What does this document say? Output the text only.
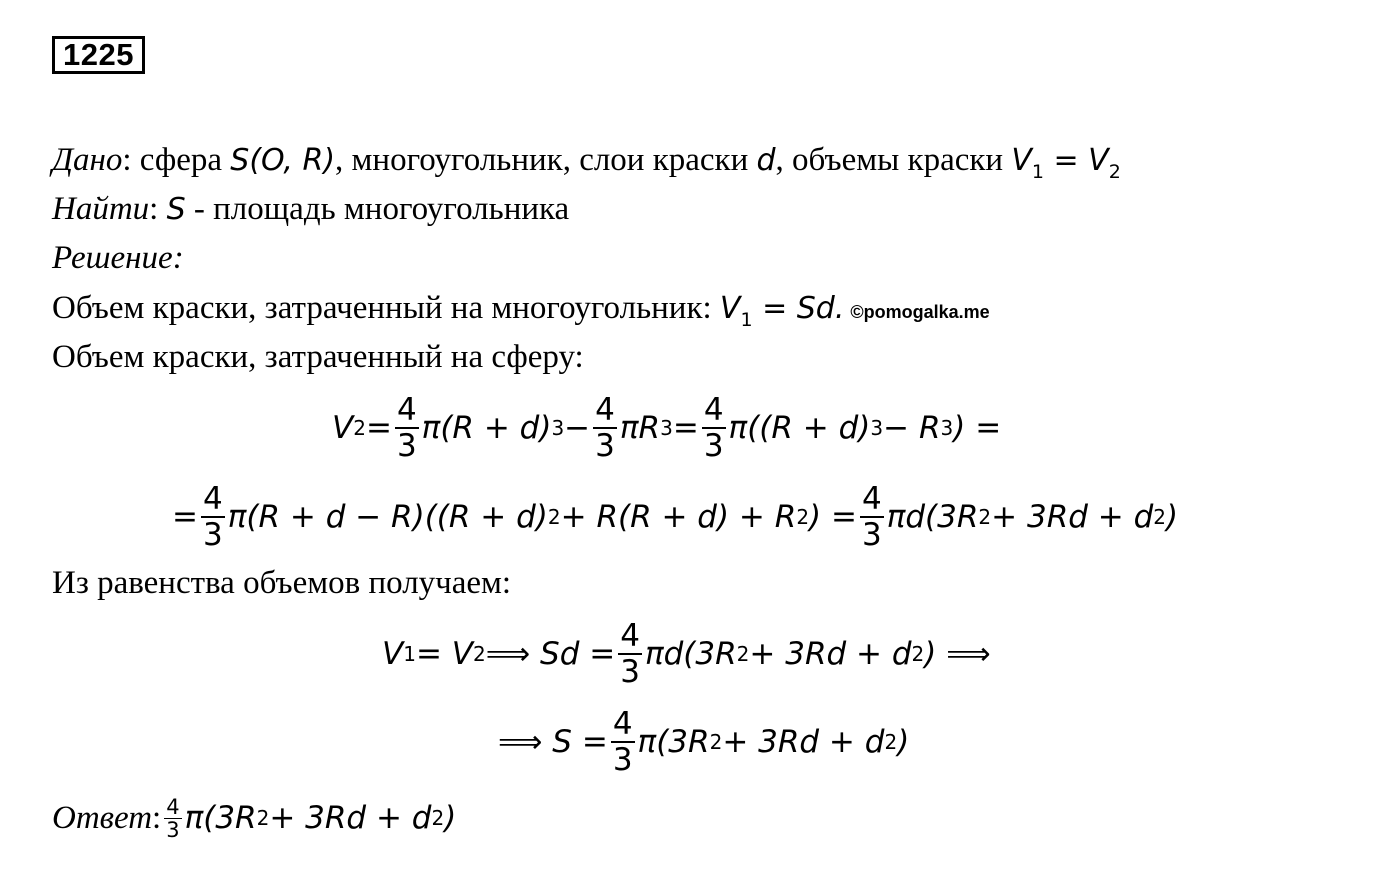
1225
Дано: сфера S(O, R), многоугольник, слои краски d, объемы краски $V_1 = V_2$
Найти: S - площадь многоугольника
Решение:
Объем краски, затраченный на многоугольник: $V_1 = Sd$. ©pomogalka.me
Объем краски, затраченный на сферу:
V $2 = \frac{4}{3} \pi(R + d) 3 - \frac{4}{3}$ πR $3 = \frac{4}{3} \pi((R + d) 3 - R$ 3 ) =
= $\frac{4}{3} \pi(R + d - R)((R + d) 2 + R(R + d) + R$ 2 ) = $\frac{4}{3} \pi d(3R$ 2 + 3Rd + d 2 )
Из равенства объемов получаем:
V 1 = V 2 ⟹ $Sd = \frac{4}{3} \pi d(3R$ 2 + 3Rd + d 2 ) ⟹
⟹ $S = \frac{4}{3} \pi(3R$ 2 + 3Rd + d 2 )
Ответ : $\frac{4}{3} \pi(3R$ 2 + 3Rd + d 2 )
